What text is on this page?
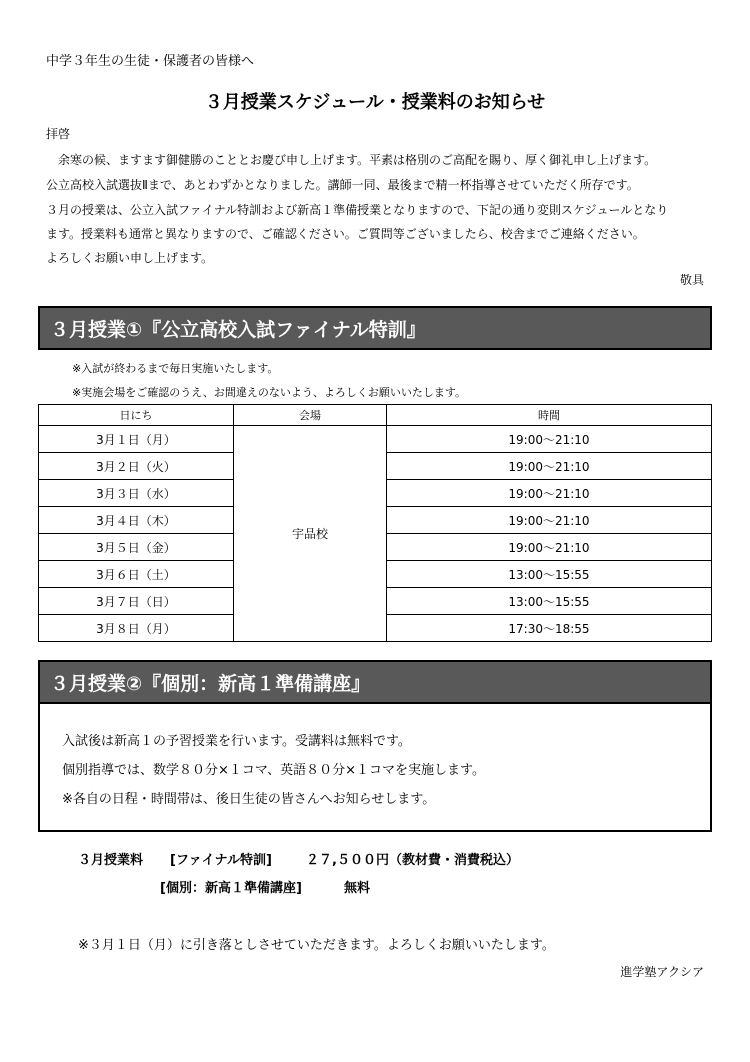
中学３年生の生徒・保護者の皆様へ
３月授業スケジュール・授業料のお知らせ
拝啓
　余寒の候、ますます御健勝のこととお慶び申し上げます。平素は格別のご高配を賜り、厚く御礼申し上げます。
公立高校入試選抜Ⅱまで、あとわずかとなりました。講師一同、最後まで精一杯指導させていただく所存です。
３月の授業は、公立入試ファイナル特訓および新高１準備授業となりますので、下記の通り変則スケジュールとなり
ます。授業料も通常と異なりますので、ご確認ください。ご質問等ございましたら、校舎までご連絡ください。
よろしくお願い申し上げます。
敬具
３月授業①『公立高校入試ファイナル特訓』
※入試が終わるまで毎日実施いたします。
※実施会場をご確認のうえ、お間違えのないよう、よろしくお願いいたします。
日にち	会場	時間
3月１日（月）	宇品校	19:00～21:10
3月２日（火）		19:00～21:10
3月３日（水）		19:00～21:10
3月４日（木）		19:00～21:10
3月５日（金）		19:00～21:10
3月６日（土）		13:00～15:55
3月７日（日）		13:00～15:55
3月８日（月）		17:30～18:55
３月授業②『個別：新高１準備講座』
入試後は新高１の予習授業を行います。受講料は無料です。
個別指導では、数学８０分×１コマ、英語８０分×１コマを実施します。
※各自の日程・時間帯は、後日生徒の皆さんへお知らせします。
３月授業料 [ファイナル特訓]	２７,５００円（教材費・消費税込）
[個別：新高１準備講座]	無料
※３月１日（月）に引き落としさせていただきます。よろしくお願いいたします。
進学塾アクシア
